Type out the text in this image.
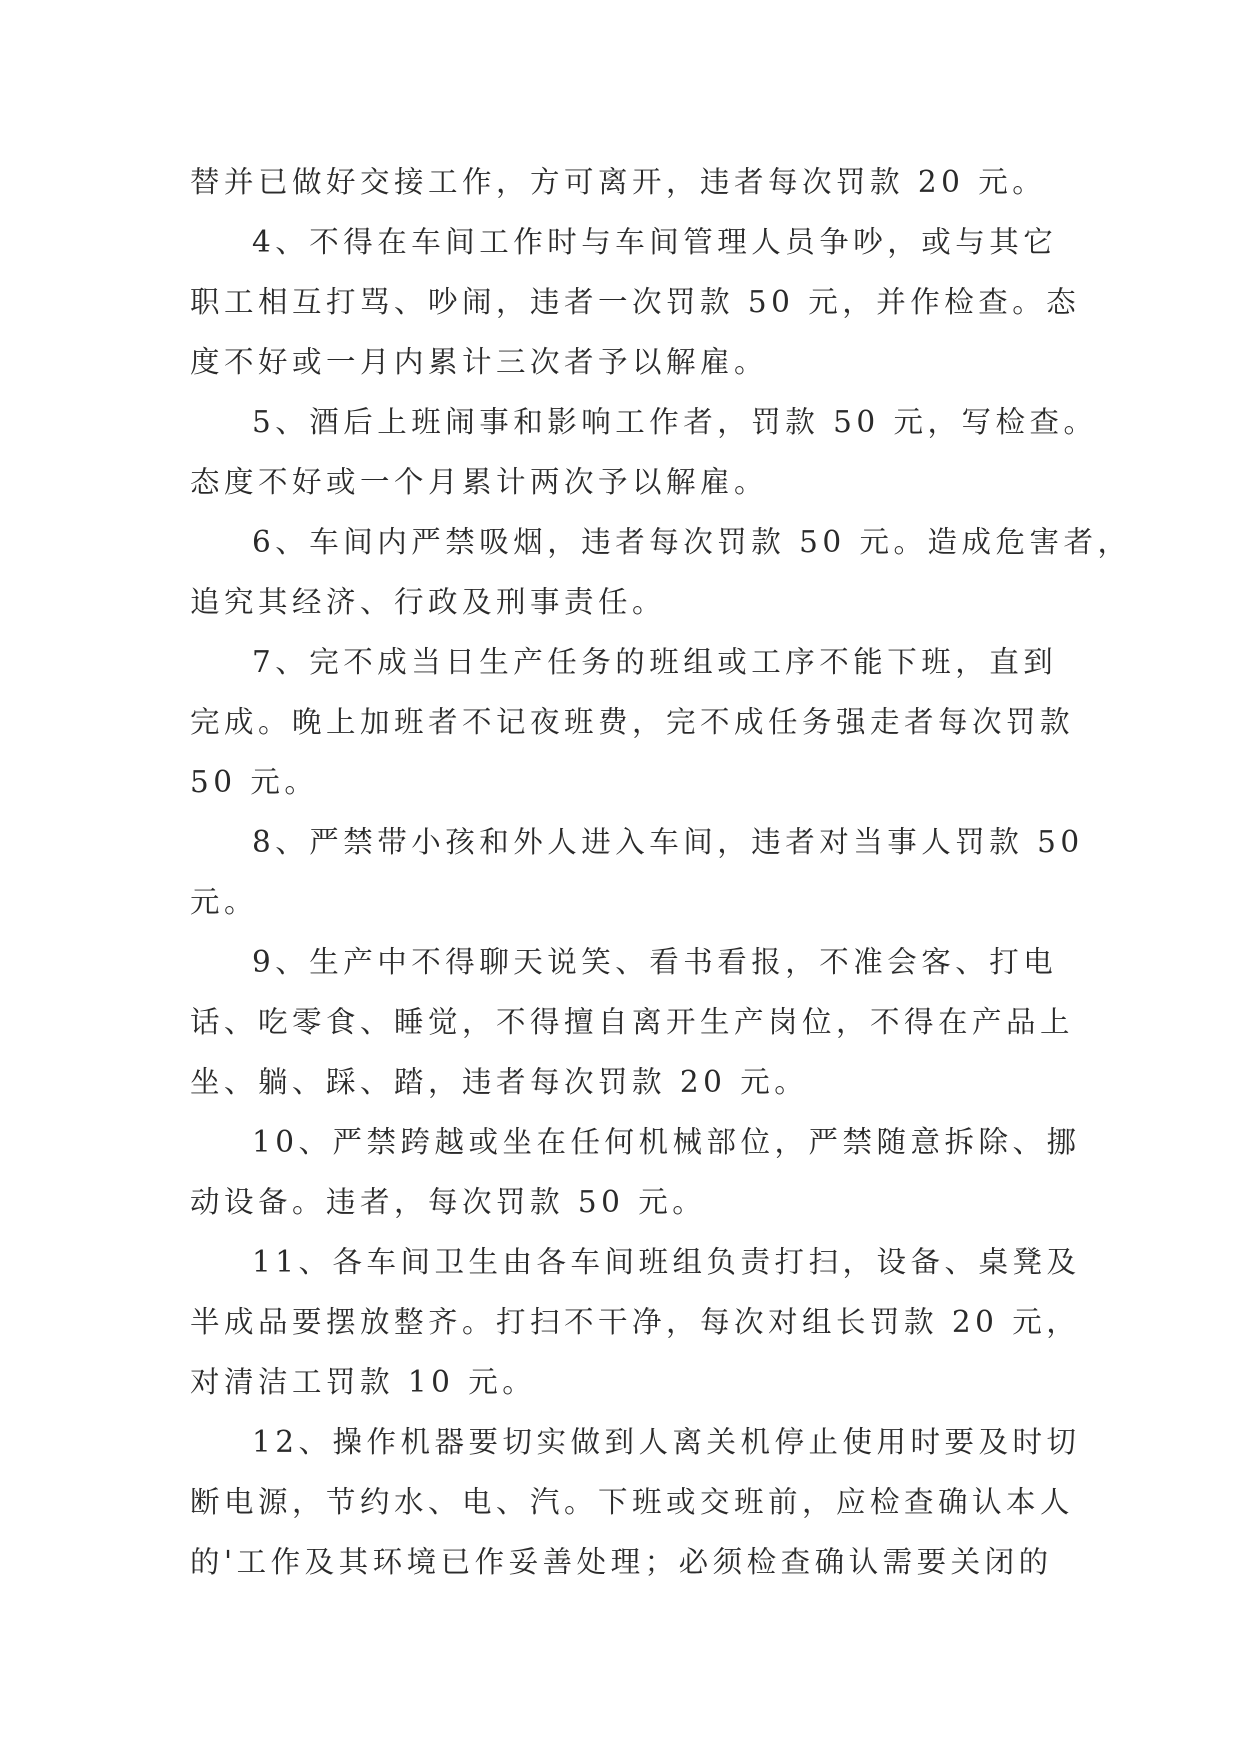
替并已做好交接工作，方可离开，违者每次罚款 20 元。

4、不得在车间工作时与车间管理人员争吵，或与其它
职工相互打骂、吵闹，违者一次罚款 50 元，并作检查。态
度不好或一月内累计三次者予以解雇。

5、酒后上班闹事和影响工作者，罚款 50 元，写检查。
态度不好或一个月累计两次予以解雇。

6、车间内严禁吸烟，违者每次罚款 50 元。造成危害者，
追究其经济、行政及刑事责任。

7、完不成当日生产任务的班组或工序不能下班，直到
完成。晚上加班者不记夜班费，完不成任务强走者每次罚款
50 元。

8、严禁带小孩和外人进入车间，违者对当事人罚款 50
元。

9、生产中不得聊天说笑、看书看报，不准会客、打电
话、吃零食、睡觉，不得擅自离开生产岗位，不得在产品上
坐、躺、踩、踏，违者每次罚款 20 元。

10、严禁跨越或坐在任何机械部位，严禁随意拆除、挪
动设备。违者，每次罚款 50 元。

11、各车间卫生由各车间班组负责打扫，设备、桌凳及
半成品要摆放整齐。打扫不干净，每次对组长罚款 20 元，
对清洁工罚款 10 元。

12、操作机器要切实做到人离关机停止使用时要及时切
断电源，节约水、电、汽。下班或交班前，应检查确认本人
的'工作及其环境已作妥善处理；必须检查确认需要关闭的
